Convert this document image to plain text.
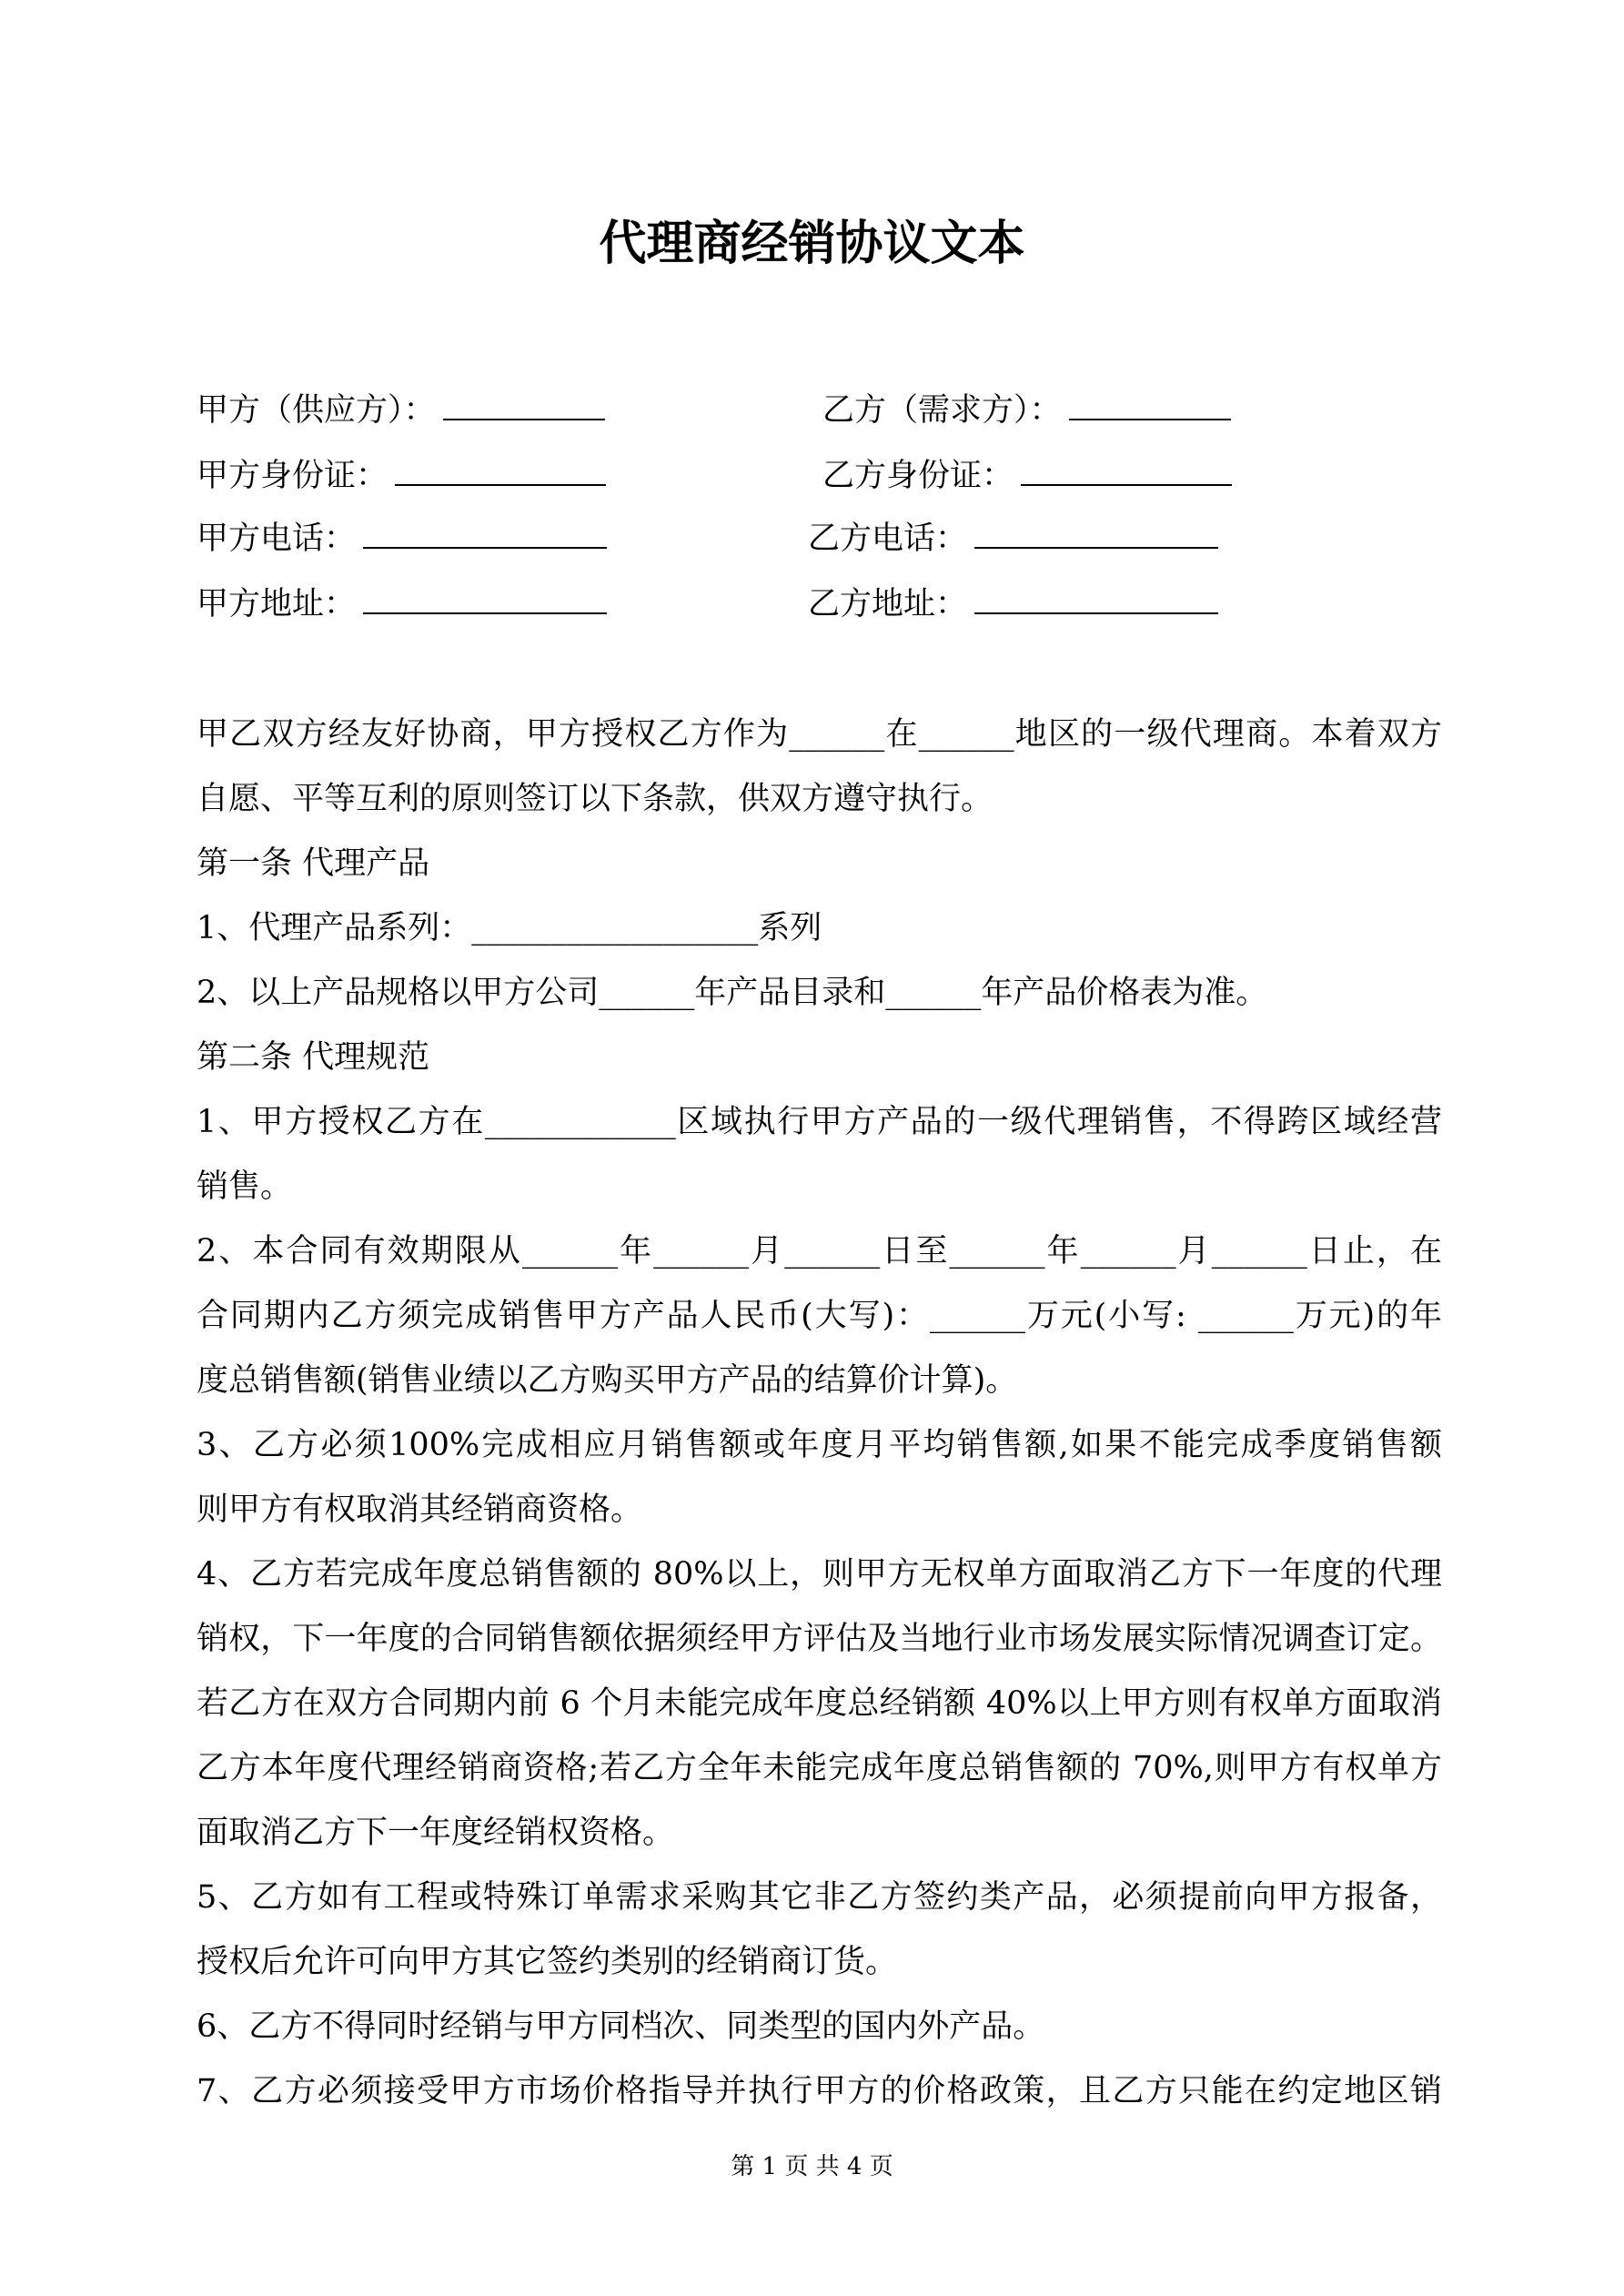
代理商经销协议文本
甲方（供应方）：	乙方（需求方）：
甲方身份证：	乙方身份证：
甲方电话：	乙方电话：
甲方地址：	乙方地址：
甲乙双方经友好协商，甲方授权乙方作为______在______地区的一级代理商。本着双方
自愿、平等互利的原则签订以下条款，供双方遵守执行。
第一条 代理产品
1、代理产品系列：__________________系列
2、以上产品规格以甲方公司______年产品目录和______年产品价格表为准。
第二条 代理规范
1、甲方授权乙方在____________区域执行甲方产品的一级代理销售，不得跨区域经营
销售。
2、本合同有效期限从______年______月______日至______年______月______日止，在
合同期内乙方须完成销售甲方产品人民币(大写)：______万元(小写: ______万元)的年
度总销售额(销售业绩以乙方购买甲方产品的结算价计算)。
3、乙方必须100%完成相应月销售额或年度月平均销售额,如果不能完成季度销售额
则甲方有权取消其经销商资格。
4、乙方若完成年度总销售额的 80%以上，则甲方无权单方面取消乙方下一年度的代理
销权，下一年度的合同销售额依据须经甲方评估及当地行业市场发展实际情况调查订定。
若乙方在双方合同期内前 6 个月未能完成年度总经销额 40%以上甲方则有权单方面取消
乙方本年度代理经销商资格;若乙方全年未能完成年度总销售额的 70%,则甲方有权单方
面取消乙方下一年度经销权资格。
5、乙方如有工程或特殊订单需求采购其它非乙方签约类产品，必须提前向甲方报备，
授权后允许可向甲方其它签约类别的经销商订货。
6、乙方不得同时经销与甲方同档次、同类型的国内外产品。
7、乙方必须接受甲方市场价格指导并执行甲方的价格政策，且乙方只能在约定地区销
第 1 页 共 4 页
